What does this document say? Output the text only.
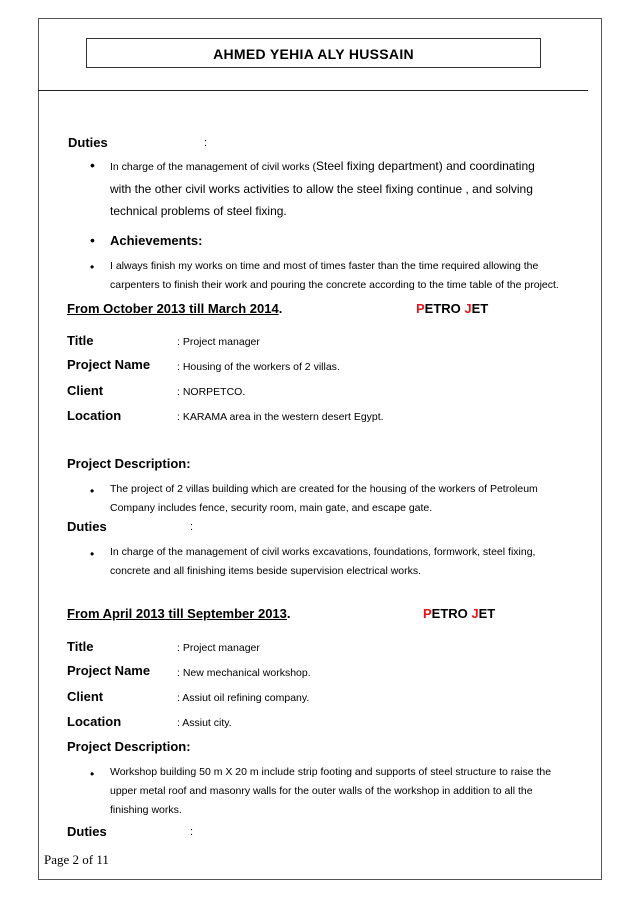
AHMED YEHIA ALY HUSSAIN
Duties	:
• In charge of the management of civil works (Steel fixing department) and coordinating
with the other civil works activities to allow the steel fixing continue , and solving
technical problems of steel fixing.
• Achievements:
• I always finish my works on time and most of times faster than the time required allowing the
carpenters to finish their work and pouring the concrete according to the time table of the project.
From October 2013 till March 2014.	PETRO JET
Title	: Project manager
Project Name	: Housing of the workers of 2 villas.
Client	: NORPETCO.
Location	: KARAMA area in the western desert Egypt.
Project Description:
• The project of 2 villas building which are created for the housing of the workers of Petroleum
Company includes fence, security room, main gate, and escape gate.
Duties	:
• In charge of the management of civil works excavations, foundations, formwork, steel fixing,
concrete and all finishing items beside supervision electrical works.
From April 2013 till September 2013.	PETRO JET
Title	: Project manager
Project Name	: New mechanical workshop.
Client	: Assiut oil refining company.
Location	: Assiut city.
Project Description:
• Workshop building 50 m X 20 m include strip footing and supports of steel structure to raise the
upper metal roof and masonry walls for the outer walls of the workshop in addition to all the
finishing works.
Duties	:
Page 2 of 11
